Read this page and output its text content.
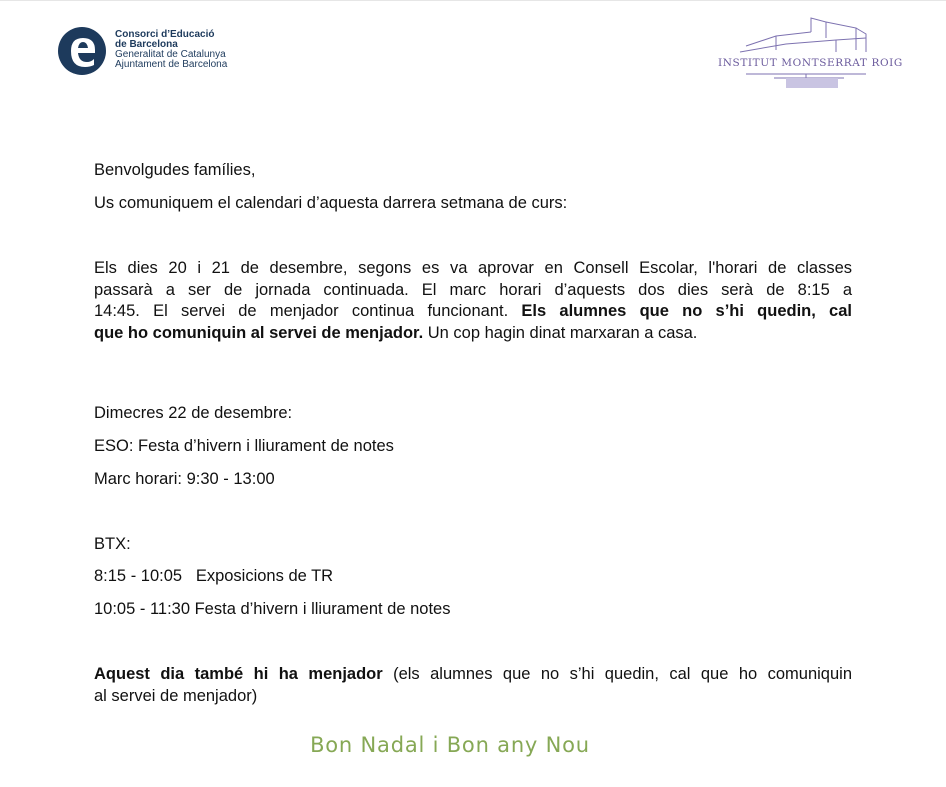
Consorci d’Educació
de Barcelona
Generalitat de Catalunya
Ajuntament de Barcelona	INSTITUT MONTSERRAT ROIG
Benvolgudes famílies,
Us comuniquem el calendari d’aquesta darrera setmana de curs:
Els dies 20 i 21 de desembre, segons es va aprovar en Consell Escolar, l'horari de classes
passarà a ser de jornada continuada. El marc horari d’aquests dos dies serà de 8:15 a
14:45. El servei de menjador continua funcionant. Els alumnes que no s’hi quedin, cal
que ho comuniquin al servei de menjador. Un cop hagin dinat marxaran a casa.
Dimecres 22 de desembre:
ESO: Festa d’hivern i lliurament de notes
Marc horari: 9:30 - 13:00
BTX:
8:15 - 10:05   Exposicions de TR
10:05 - 11:30 Festa d’hivern i lliurament de notes
Aquest dia també hi ha menjador (els alumnes que no s’hi quedin, cal que ho comuniquin
al servei de menjador)
Bon Nadal i Bon any Nou
